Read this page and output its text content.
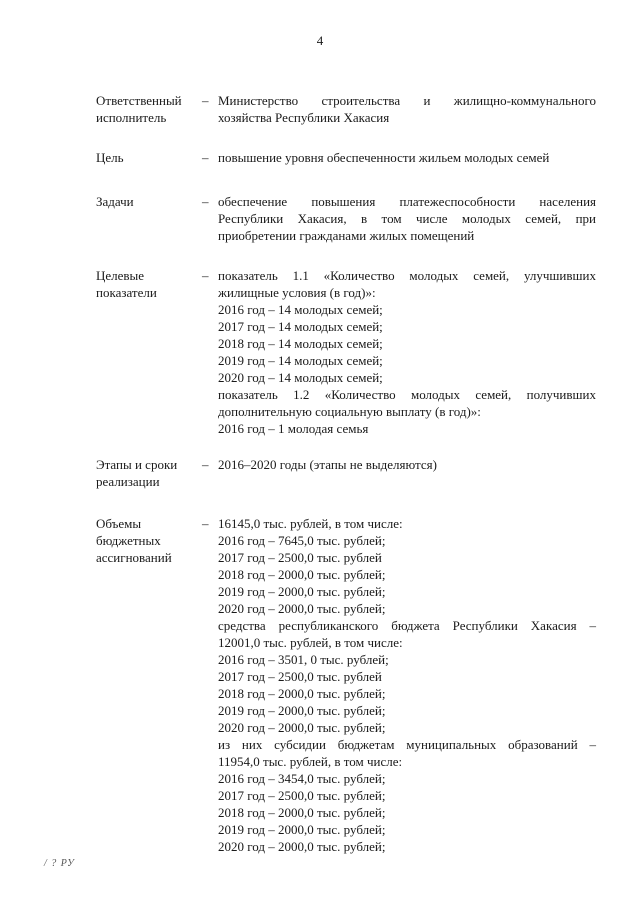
4
Ответственный исполнитель
– Министерство строительства и жилищно-коммунального

хозяйства Республики Хакасия

Цель	– повышение уровня обеспеченности жильем молодых семей

Задачи	– обеспечение повышения платежеспособности населения

Республики Хакасия, в том числе молодых семей, при

приобретении гражданами жилых помещений

Целевые показатели
– показатель 1.1 «Количество молодых семей, улучшивших

жилищные условия (в год)»:

2016 год – 14 молодых семей;

2017 год – 14 молодых семей;

2018 год – 14 молодых семей;

2019 год – 14 молодых семей;

2020 год – 14 молодых семей;

показатель 1.2 «Количество молодых семей, получивших

дополнительную социальную выплату (в год)»:

2016 год – 1 молодая семья

Этапы и сроки реализации
– 2016–2020 годы (этапы не выделяются)

Объемы бюджетных ассигнований
– 16145,0 тыс. рублей, в том числе:

2016 год – 7645,0 тыс. рублей;

2017 год – 2500,0 тыс. рублей

2018 год – 2000,0 тыс. рублей;

2019 год – 2000,0 тыс. рублей;

2020 год – 2000,0 тыс. рублей;

средства республиканского бюджета Республики Хакасия –

12001,0 тыс. рублей, в том числе:

2016 год – 3501, 0 тыс. рублей;

2017 год – 2500,0 тыс. рублей

2018 год – 2000,0 тыс. рублей;

2019 год – 2000,0 тыс. рублей;

2020 год – 2000,0 тыс. рублей;

из них субсидии бюджетам муниципальных образований –

11954,0 тыс. рублей, в том числе:

2016 год – 3454,0 тыс. рублей;

2017 год – 2500,0 тыс. рублей;

2018 год – 2000,0 тыс. рублей;

2019 год – 2000,0 тыс. рублей;

2020 год – 2000,0 тыс. рублей;

/ ? РУ
